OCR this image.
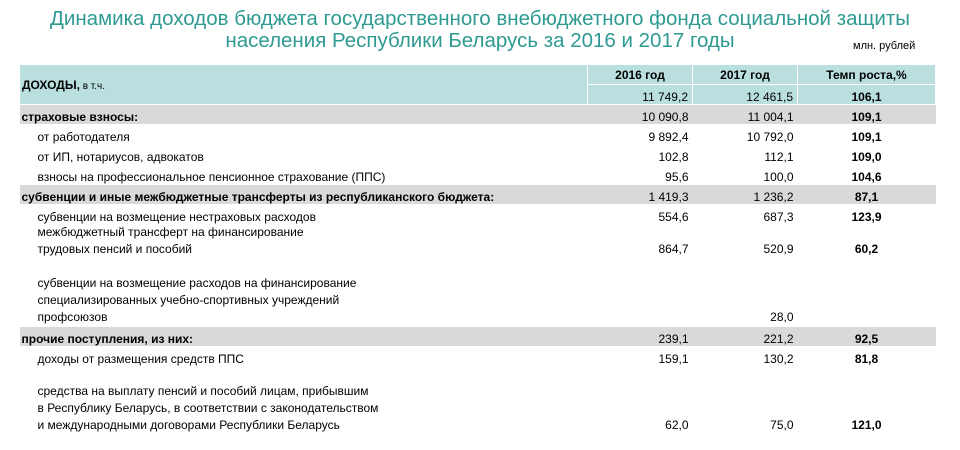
Динамика доходов бюджета государственного внебюджетного фонда социальной защиты
населения Республики Беларусь за 2016 и 2017 годы	млн. рублей
ДОХОДЫ, в т.ч.	2016 год	2017 год	Темп роста,%
	11 749,2	12 461,5	106,1
страховые взносы:	10 090,8	11 004,1	109,1
от работодателя	9 892,4	10 792,0	109,1
от ИП, нотариусов, адвокатов	102,8	112,1	109,0
взносы на профессиональное пенсионное страхование (ППС)	95,6	100,0	104,6
субвенции и иные межбюджетные трансферты из республиканского бюджета:	1 419,3	1 236,2	87,1
субвенции на возмещение нестраховых расходов	554,6	687,3	123,9

межбюджетный трансферт на финансирование
трудовых пенсий и пособий	864,7	520,9	60,2

субвенции на возмещение расходов на финансирование
специализированных учебно-спортивных учреждений
профсоюзов		28,0	
прочие поступления, из них:	239,1	221,2	92,5
доходы от размещения средств ППС	159,1	130,2	81,8

средства на выплату пенсий и пособий лицам, прибывшим
в Республику Беларусь, в соответствии с законодательством
и международными договорами Республики Беларусь	62,0	75,0	121,0
